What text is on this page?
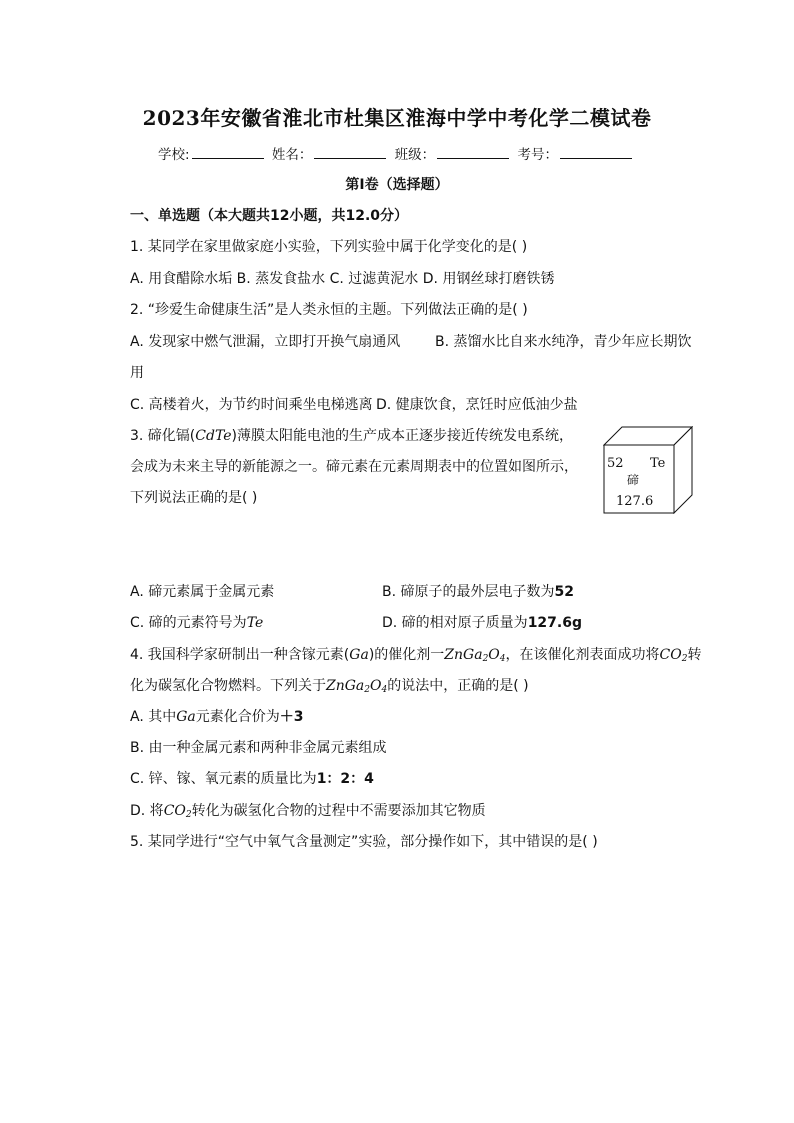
2023年安徽省淮北市杜集区淮海中学中考化学二模试卷
学校:	姓名：	班级：	考号：
第Ⅰ卷（选择题）
一、单选题（本大题共12小题，共12.0分）
1. 某同学在家里做家庭小实验，下列实验中属于化学变化的是( )
A. 用食醋除水垢 B. 蒸发食盐水 C. 过滤黄泥水 D. 用钢丝球打磨铁锈
2. “珍爱生命健康生活”是人类永恒的主题。下列做法正确的是( )
A. 发现家中燃气泄漏，立即打开换气扇通风 B. 蒸馏水比自来水纯净，青少年应长期饮
用
C. 高楼着火，为节约时间乘坐电梯逃离 D. 健康饮食，烹饪时应低油少盐
3. 碲化镉(CdTe)薄膜太阳能电池的生产成本正逐步接近传统发电系统，
会成为未来主导的新能源之一。碲元素在元素周期表中的位置如图所示，
下列说法正确的是( )
52 Te
碲
127.6
A. 碲元素属于金属元素	B. 碲原子的最外层电子数为52
C. 碲的元素符号为Te	D. 碲的相对原子质量为127.6g
4. 我国科学家研制出一种含镓元素(Ga)的催化剂一$ZnGa_2O_4$，在该催化剂表面成功将$CO_2$转
化为碳氢化合物燃料。下列关于$ZnGa_2O_4$的说法中，正确的是( )
A. 其中Ga元素化合价为＋3
B. 由一种金属元素和两种非金属元素组成
C. 锌、镓、氧元素的质量比为1：2：4
D. 将$CO_2$转化为碳氢化合物的过程中不需要添加其它物质
5. 某同学进行“空气中氧气含量测定”实验，部分操作如下，其中错误的是( )
